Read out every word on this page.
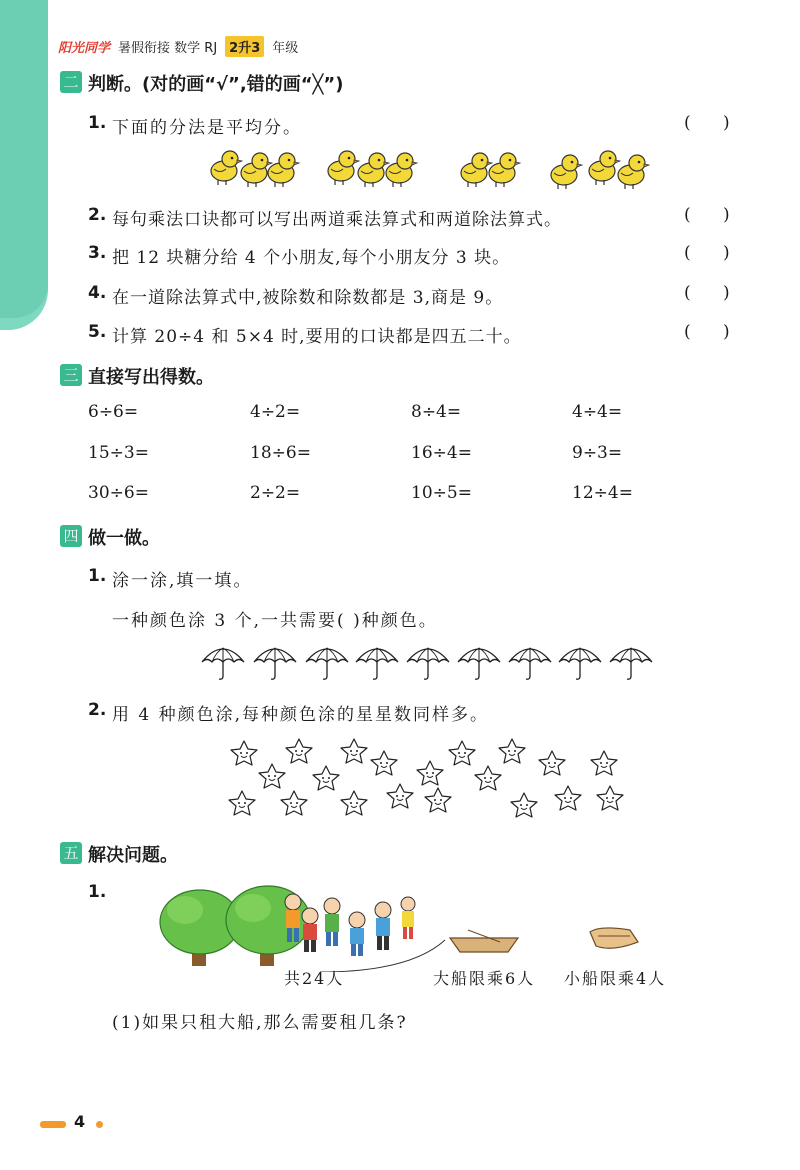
阳光同学 暑假衔接 数学 RJ 2升3 年级
二 判断。(对的画“√”,错的画“╳”)
1. 下面的分法是平均分。	(      )
2. 每句乘法口诀都可以写出两道乘法算式和两道除法算式。	(      )
3. 把 12 块糖分给 4 个小朋友,每个小朋友分 3 块。	(      )
4. 在一道除法算式中,被除数和除数都是 3,商是 9。	(      )
5. 计算 20÷4 和 5×4 时,要用的口诀都是四五二十。	(      )
三 直接写出得数。
6÷6=	4÷2=	8÷4=	4÷4=
15÷3=	18÷6=	16÷4=	9÷3=
30÷6=	2÷2=	10÷5=	12÷4=
四 做一做。
1. 涂一涂,填一填。
一种颜色涂 3 个,一共需要( )种颜色。
2. 用 4 种颜色涂,每种颜色涂的星星数同样多。
五 解决问题。
1.
共24人	大船限乘6人 小船限乘4人
(1)如果只租大船,那么需要租几条?
4
